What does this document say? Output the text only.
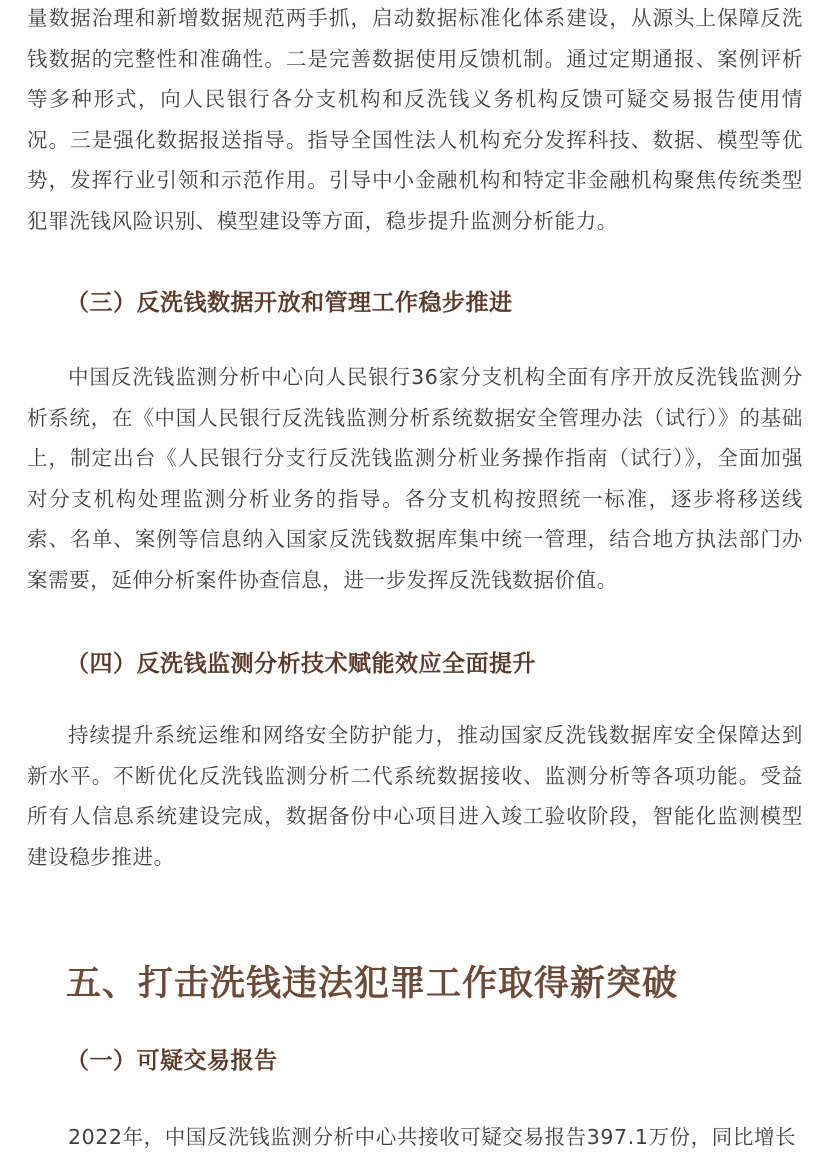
量数据治理和新增数据规范两手抓，启动数据标准化体系建设，从源头上保障反洗钱数据的完整性和准确性。二是完善数据使用反馈机制。通过定期通报、案例评析等多种形式，向人民银行各分支机构和反洗钱义务机构反馈可疑交易报告使用情况。三是强化数据报送指导。指导全国性法人机构充分发挥科技、数据、模型等优势，发挥行业引领和示范作用。引导中小金融机构和特定非金融机构聚焦传统类型犯罪洗钱风险识别、模型建设等方面，稳步提升监测分析能力。

（三）反洗钱数据开放和管理工作稳步推进

中国反洗钱监测分析中心向人民银行36家分支机构全面有序开放反洗钱监测分析系统，在《中国人民银行反洗钱监测分析系统数据安全管理办法（试行）》的基础上，制定出台《人民银行分支行反洗钱监测分析业务操作指南（试行）》，全面加强对分支机构处理监测分析业务的指导。各分支机构按照统一标准，逐步将移送线索、名单、案例等信息纳入国家反洗钱数据库集中统一管理，结合地方执法部门办案需要，延伸分析案件协查信息，进一步发挥反洗钱数据价值。

（四）反洗钱监测分析技术赋能效应全面提升

持续提升系统运维和网络安全防护能力，推动国家反洗钱数据库安全保障达到新水平。不断优化反洗钱监测分析二代系统数据接收、监测分析等各项功能。受益所有人信息系统建设完成，数据备份中心项目进入竣工验收阶段，智能化监测模型建设稳步推进。

五、打击洗钱违法犯罪工作取得新突破
（一）可疑交易报告

2022年，中国反洗钱监测分析中心共接收可疑交易报告397.1万份，同比增长
